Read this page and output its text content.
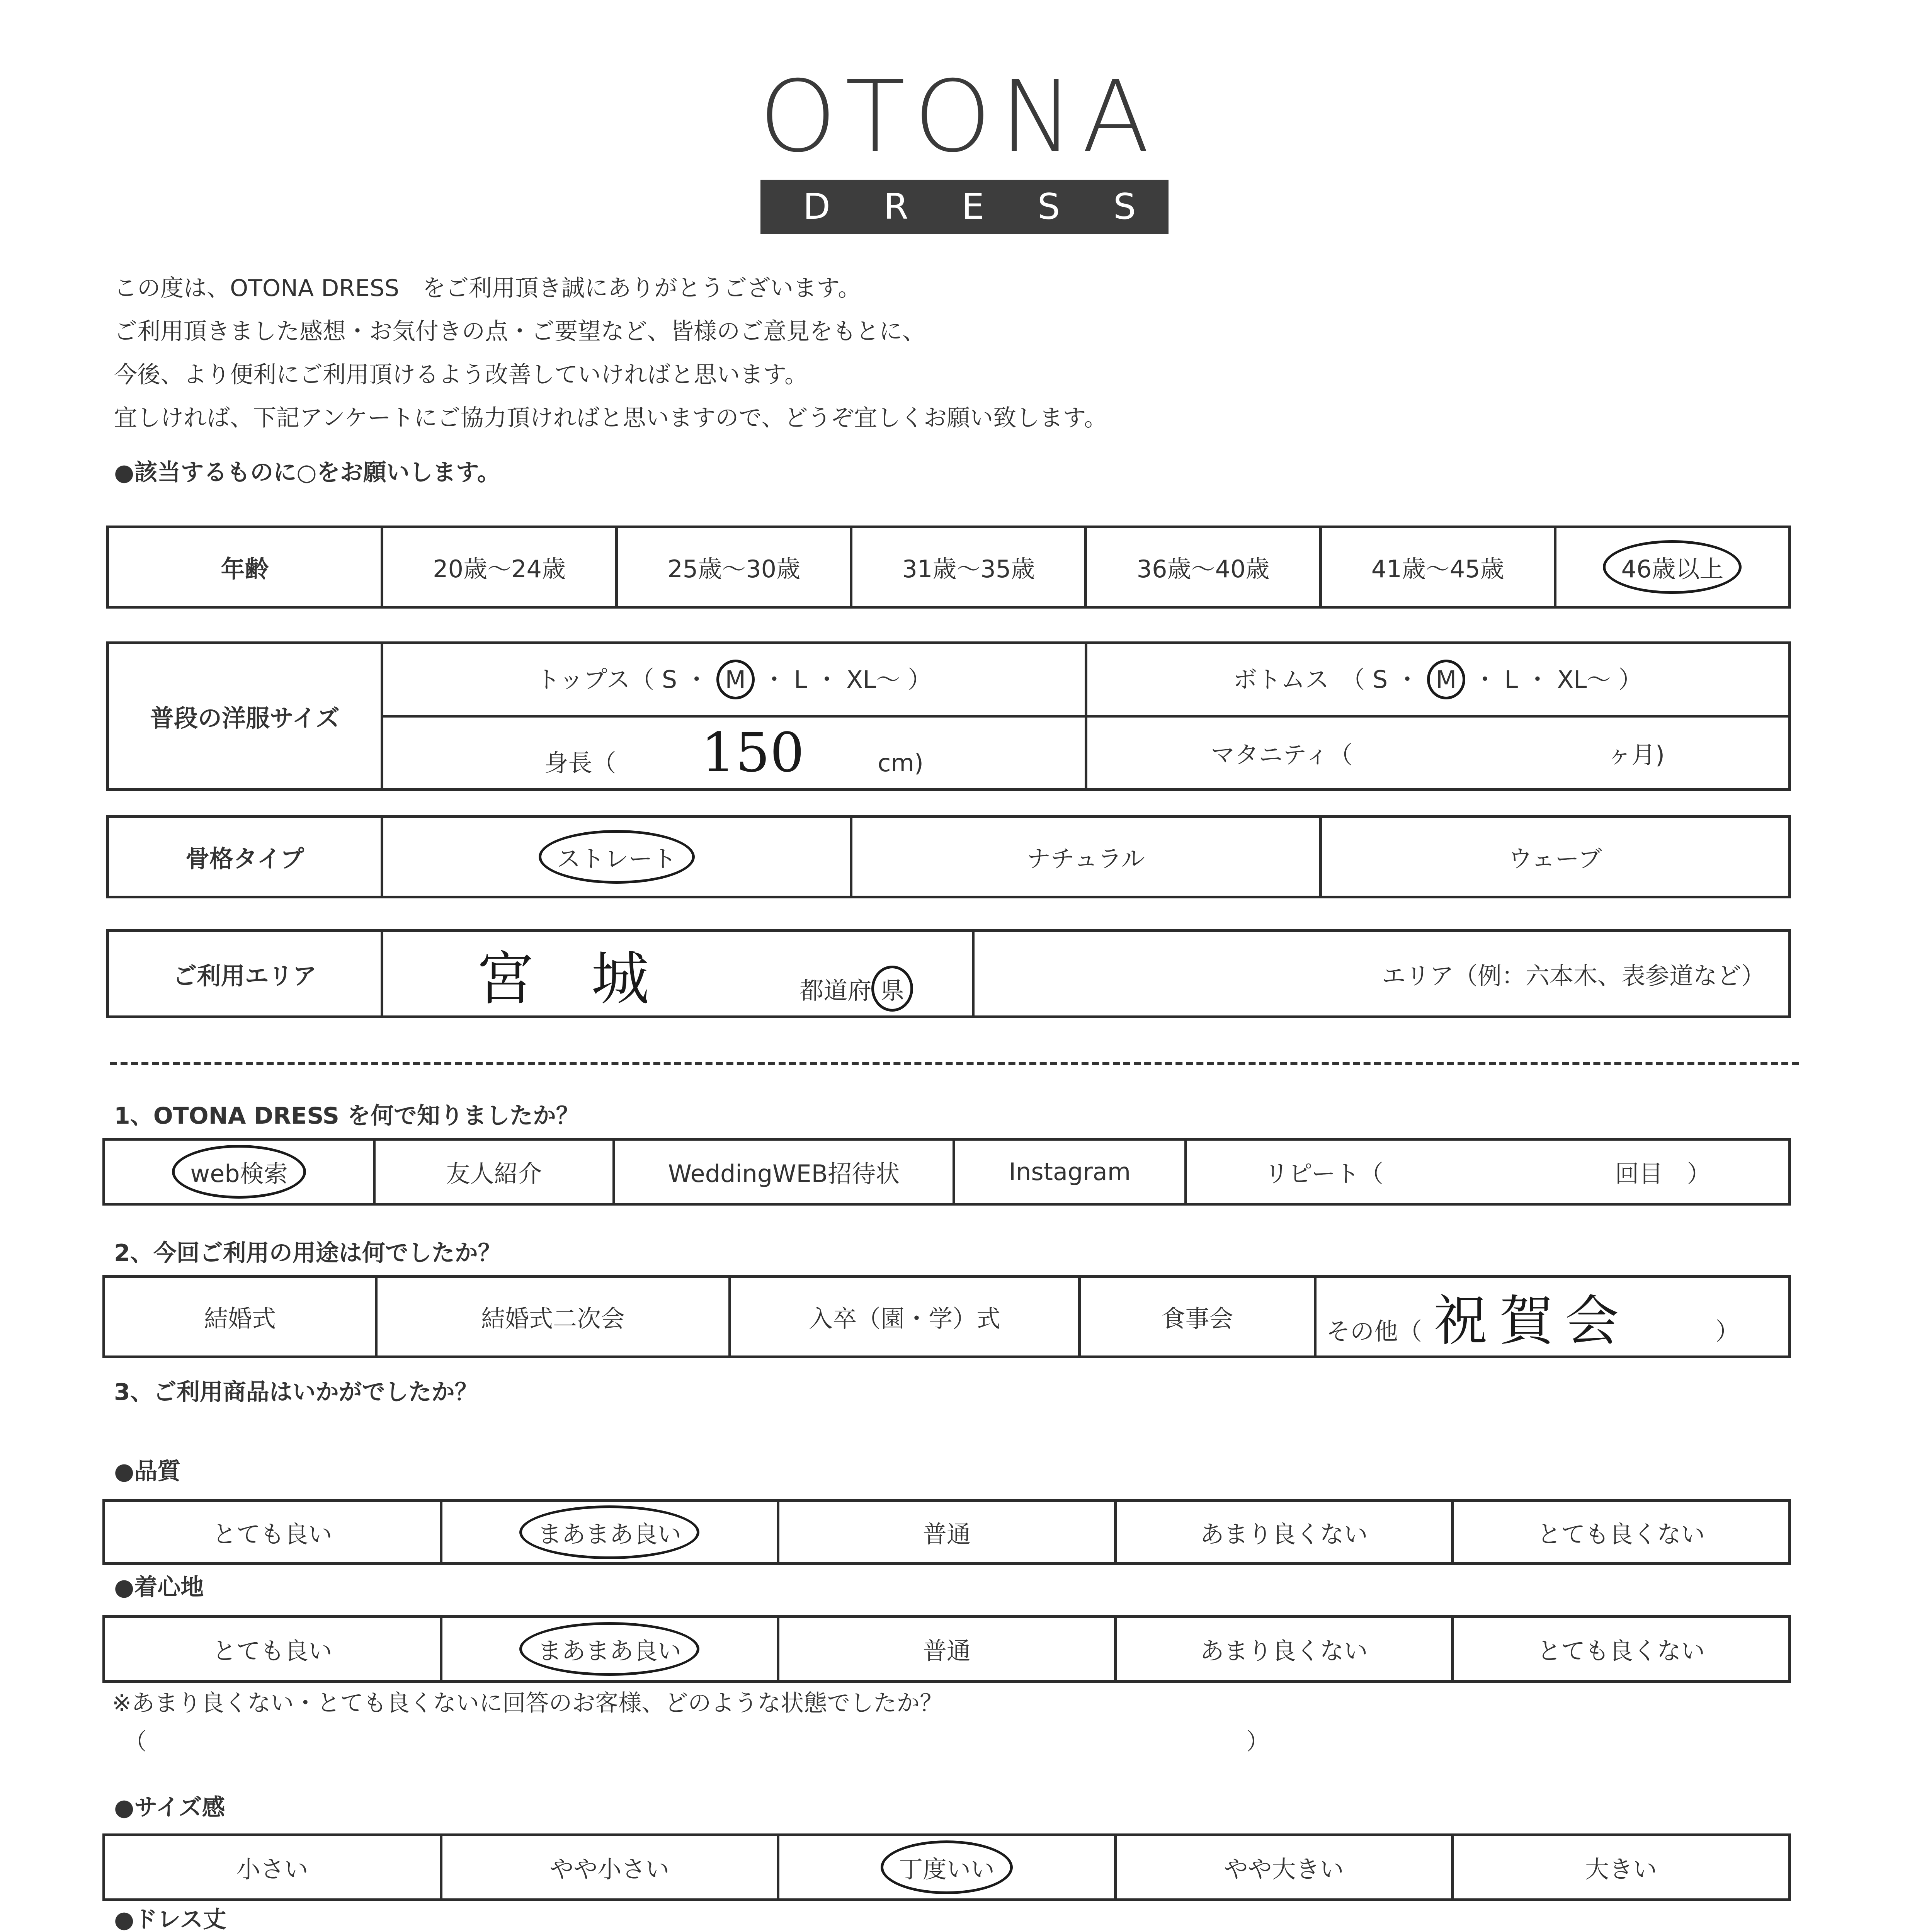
OTONA
DRESS
この度は、OTONA DRESS　をご利用頂き誠にありがとうございます。
ご利用頂きました感想・お気付きの点・ご要望など、皆様のご意見をもとに、
今後、より便利にご利用頂けるよう改善していければと思います。
宜しければ、下記アンケートにご協力頂ければと思いますので、どうぞ宜しくお願い致します。
●該当するものに○をお願いします。
年齢	20歳〜24歳	25歳〜30歳	31歳〜35歳	36歳〜40歳	41歳〜45歳	46歳以上
普段の洋服サイズ	トップス（ S ・ M ・ L ・ XL〜 ）	ボトムス　（ S ・ M ・ L ・ XL〜 ）
	身長（ 150 cm)	マタニティ（ ヶ月)
骨格タイプ	ストレート	ナチュラル	ウェーブ
ご利用エリア	宮 城	都道府 県	エリア（例：六本木、表参道など）
1、OTONA DRESS を何で知りましたか？
web検索	友人紹介	WeddingWEB招待状	Instagram	リピート（	回目　）
2、今回ご利用の用途は何でしたか？
結婚式	結婚式二次会	入卒（園・学）式	食事会	その他（ 祝賀会	）
3、ご利用商品はいかがでしたか？
●品質
とても良い	まあまあ良い	普通	あまり良くない	とても良くない
●着心地
とても良い	まあまあ良い	普通	あまり良くない	とても良くない
※あまり良くない・とても良くないに回答のお客様、どのような状態でしたか？
（	）
●サイズ感
小さい	やや小さい	丁度いい	やや大きい	大きい
●ドレス丈
